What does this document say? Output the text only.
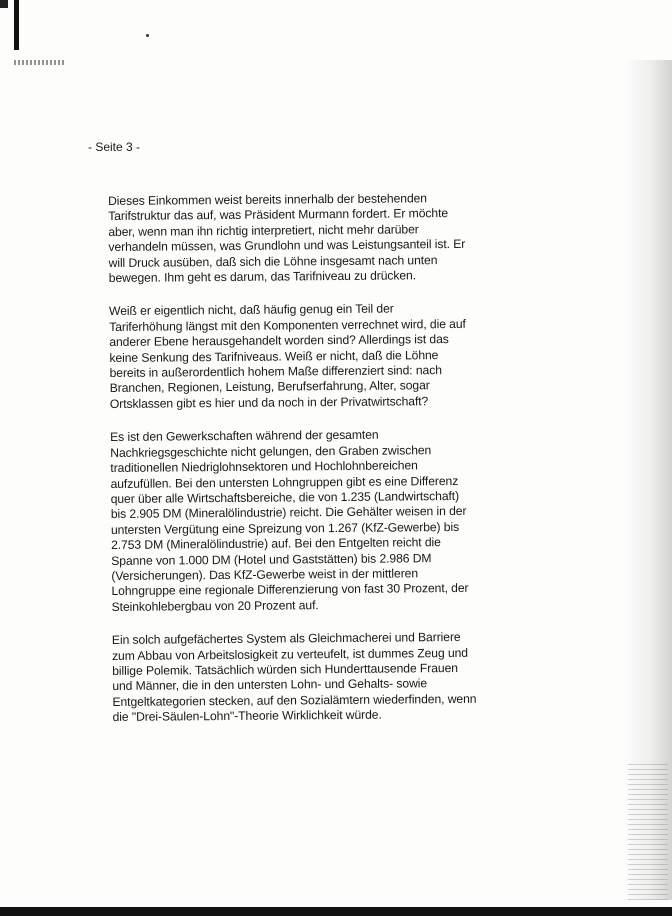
- Seite 3 -

Dieses Einkommen weist bereits innerhalb der bestehenden
Tarifstruktur das auf, was Präsident Murmann fordert. Er möchte
aber, wenn man ihn richtig interpretiert, nicht mehr darüber
verhandeln müssen, was Grundlohn und was Leistungsanteil ist. Er
will Druck ausüben, daß sich die Löhne insgesamt nach unten
bewegen. Ihm geht es darum, das Tarifniveau zu drücken.

Weiß er eigentlich nicht, daß häufig genug ein Teil der
Tariferhöhung längst mit den Komponenten verrechnet wird, die auf
anderer Ebene herausgehandelt worden sind? Allerdings ist das
keine Senkung des Tarifniveaus. Weiß er nicht, daß die Löhne
bereits in außerordentlich hohem Maße differenziert sind: nach
Branchen, Regionen, Leistung, Berufserfahrung, Alter, sogar
Ortsklassen gibt es hier und da noch in der Privatwirtschaft?

Es ist den Gewerkschaften während der gesamten
Nachkriegsgeschichte nicht gelungen, den Graben zwischen
traditionellen Niedriglohnsektoren und Hochlohnbereichen
aufzufüllen. Bei den untersten Lohngruppen gibt es eine Differenz
quer über alle Wirtschaftsbereiche, die von 1.235 (Landwirtschaft)
bis 2.905 DM (Mineralölindustrie) reicht. Die Gehälter weisen in der
untersten Vergütung eine Spreizung von 1.267 (KfZ-Gewerbe) bis
2.753 DM (Mineralölindustrie) auf. Bei den Entgelten reicht die
Spanne von 1.000 DM (Hotel und Gaststätten) bis 2.986 DM
(Versicherungen). Das KfZ-Gewerbe weist in der mittleren
Lohngruppe eine regionale Differenzierung von fast 30 Prozent, der
Steinkohlebergbau von 20 Prozent auf.

Ein solch aufgefächertes System als Gleichmacherei und Barriere
zum Abbau von Arbeitslosigkeit zu verteufelt, ist dummes Zeug und
billige Polemik. Tatsächlich würden sich Hunderttausende Frauen
und Männer, die in den untersten Lohn- und Gehalts- sowie
Entgeltkategorien stecken, auf den Sozialämtern wiederfinden, wenn
die "Drei-Säulen-Lohn"-Theorie Wirklichkeit würde.
